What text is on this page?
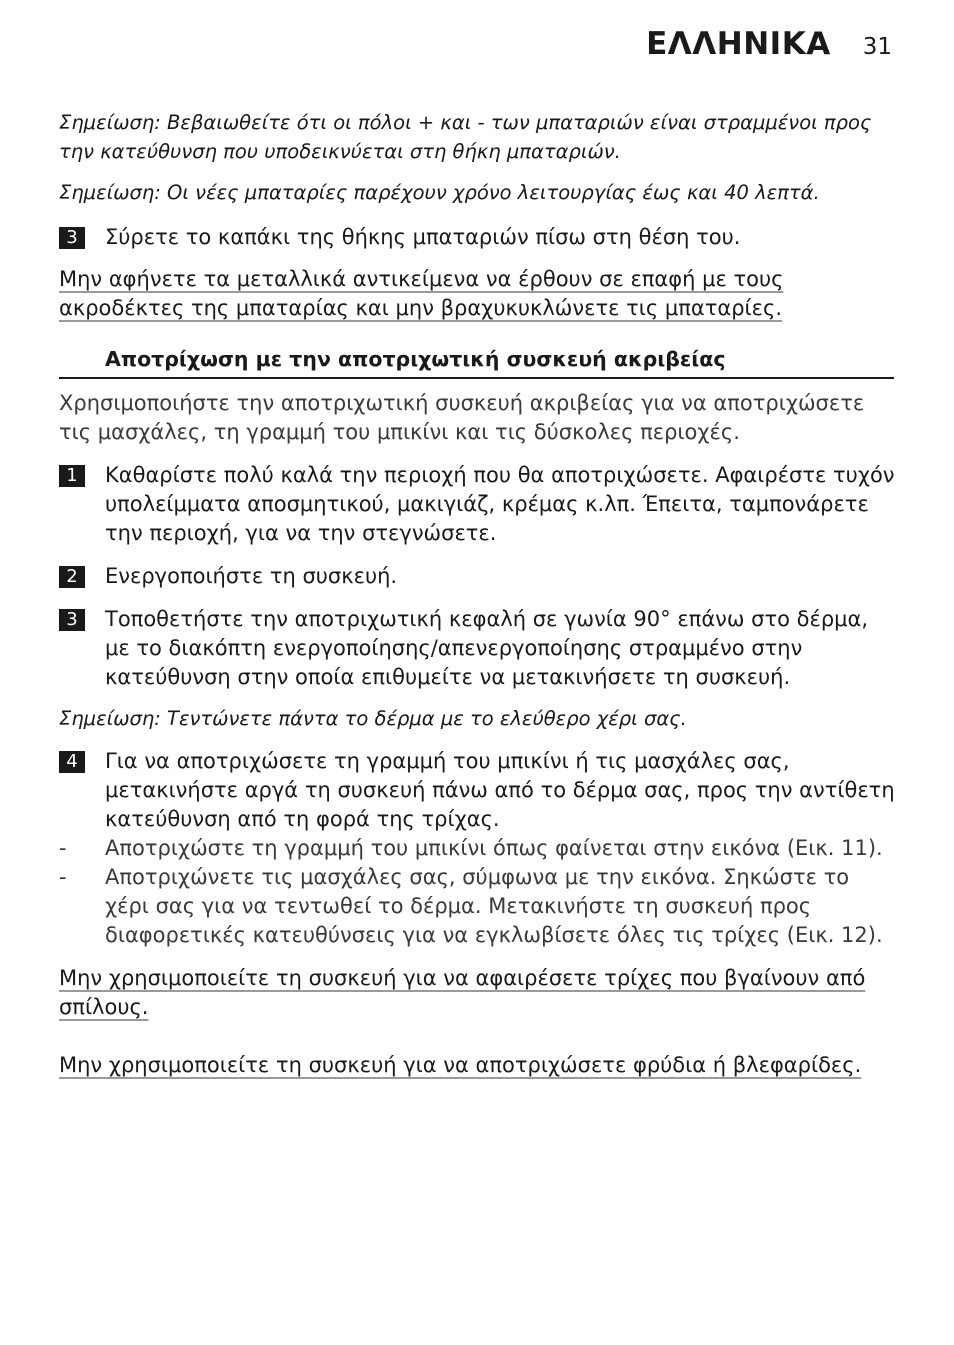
ΕΛΛΗΝΙΚΑ 31

Σημείωση: Βεβαιωθείτε ότι οι πόλοι + και - των μπαταριών είναι στραμμένοι προς την κατεύθυνση που υποδεικνύεται στη θήκη μπαταριών.

Σημείωση: Οι νέες μπαταρίες παρέχουν χρόνο λειτουργίας έως και 40 λεπτά.

3	Σύρετε το καπάκι της θήκης μπαταριών πίσω στη θέση του.

Μην αφήνετε τα μεταλλικά αντικείμενα να έρθουν σε επαφή με τους ακροδέκτες της μπαταρίας και μην βραχυκυκλώνετε τις μπαταρίες.

Αποτρίχωση με την αποτριχωτική συσκευή ακριβείας

Χρησιμοποιήστε την αποτριχωτική συσκευή ακριβείας για να αποτριχώσετε τις μασχάλες, τη γραμμή του μπικίνι και τις δύσκολες περιοχές.

1	Καθαρίστε πολύ καλά την περιοχή που θα αποτριχώσετε. Αφαιρέστε τυχόν υπολείμματα αποσμητικού, μακιγιάζ, κρέμας κ.λπ. Έπειτα, ταμπονάρετε την περιοχή, για να την στεγνώσετε.
2	Ενεργοποιήστε τη συσκευή.
3	Τοποθετήστε την αποτριχωτική κεφαλή σε γωνία 90° επάνω στο δέρμα, με το διακόπτη ενεργοποίησης/απενεργοποίησης στραμμένο στην κατεύθυνση στην οποία επιθυμείτε να μετακινήσετε τη συσκευή.

Σημείωση: Τεντώνετε πάντα το δέρμα με το ελεύθερο χέρι σας.

4	Για να αποτριχώσετε τη γραμμή του μπικίνι ή τις μασχάλες σας, μετακινήστε αργά τη συσκευή πάνω από το δέρμα σας, προς την αντίθετη κατεύθυνση από τη φορά της τρίχας.
-	Αποτριχώστε τη γραμμή του μπικίνι όπως φαίνεται στην εικόνα (Εικ. 11).
-	Αποτριχώνετε τις μασχάλες σας, σύμφωνα με την εικόνα. Σηκώστε το χέρι σας για να τεντωθεί το δέρμα. Μετακινήστε τη συσκευή προς διαφορετικές κατευθύνσεις για να εγκλωβίσετε όλες τις τρίχες (Εικ. 12).

Μην χρησιμοποιείτε τη συσκευή για να αφαιρέσετε τρίχες που βγαίνουν από σπίλους.

Μην χρησιμοποιείτε τη συσκευή για να αποτριχώσετε φρύδια ή βλεφαρίδες.
